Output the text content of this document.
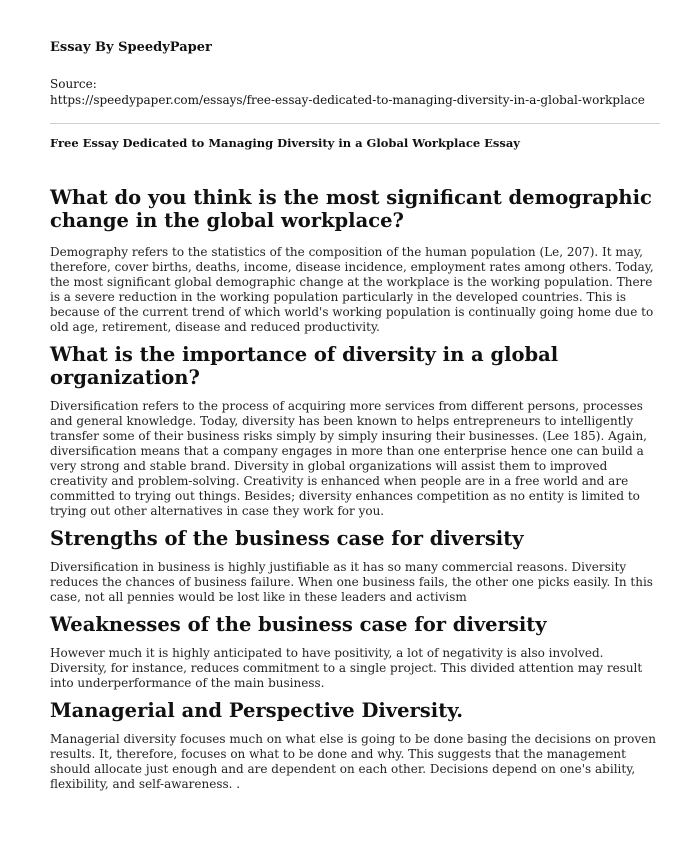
Essay By SpeedyPaper
Source:
https://speedypaper.com/essays/free-essay-dedicated-to-managing-diversity-in-a-global-workplace
Free Essay Dedicated to Managing Diversity in a Global Workplace Essay
What do you think is the most significant demographic change in the global workplace?

Demography refers to the statistics of the composition of the human population (Le, 207). It may, therefore, cover births, deaths, income, disease incidence, employment rates among others. Today, the most significant global demographic change at the workplace is the working population. There is a severe reduction in the working population particularly in the developed countries. This is because of the current trend of which world's working population is continually going home due to old age, retirement, disease and reduced productivity.

What is the importance of diversity in a global organization?

Diversification refers to the process of acquiring more services from different persons, processes and general knowledge. Today, diversity has been known to helps entrepreneurs to intelligently transfer some of their business risks simply by simply insuring their businesses. (Lee 185). Again, diversification means that a company engages in more than one enterprise hence one can build a very strong and stable brand. Diversity in global organizations will assist them to improved creativity and problem-solving. Creativity is enhanced when people are in a free world and are committed to trying out things. Besides; diversity enhances competition as no entity is limited to trying out other alternatives in case they work for you.

Strengths of the business case for diversity

Diversification in business is highly justifiable as it has so many commercial reasons. Diversity reduces the chances of business failure. When one business fails, the other one picks easily. In this case, not all pennies would be lost like in these leaders and activism

Weaknesses of the business case for diversity

However much it is highly anticipated to have positivity, a lot of negativity is also involved. Diversity, for instance, reduces commitment to a single project. This divided attention may result into underperformance of the main business.

Managerial and Perspective Diversity.

Managerial diversity focuses much on what else is going to be done basing the decisions on proven results. It, therefore, focuses on what to be done and why. This suggests that the management should allocate just enough and are dependent on each other. Decisions depend on one's ability, flexibility, and self-awareness. .
